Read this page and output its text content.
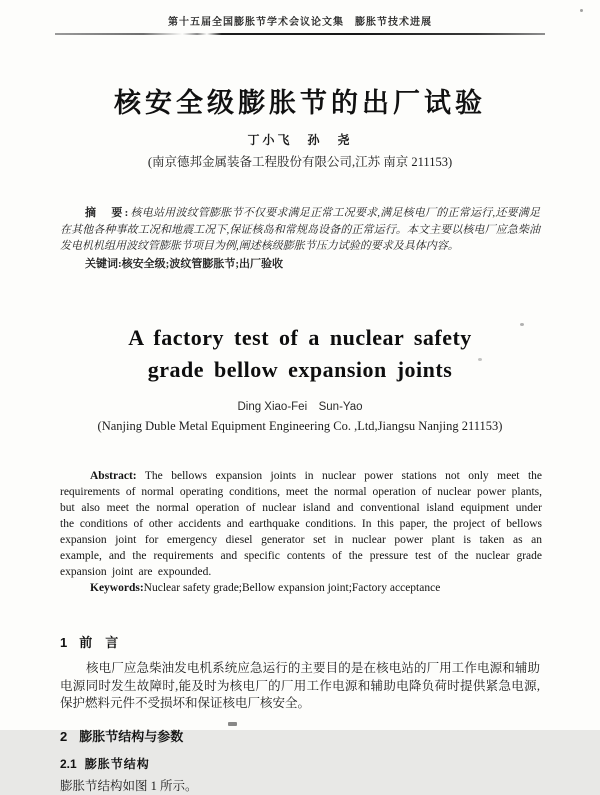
第十五届全国膨胀节学术会议论文集　膨胀节技术进展
核安全级膨胀节的出厂试验
丁小飞　孙　尧
(南京德邦金属装备工程股份有限公司,江苏 南京 211153)
摘　要:核电站用波纹管膨胀节不仅要求满足正常工况要求,满足核电厂的正常运行,还要满足在其他各种事故工况和地震工况下,保证核岛和常规岛设备的正常运行。本文主要以核电厂应急柴油发电机机组用波纹管膨胀节项目为例,阐述核级膨胀节压力试验的要求及具体内容。
关键词:核安全级;波纹管膨胀节;出厂验收
A factory test of a nuclear safety
grade bellow expansion joints
Ding Xiao-Fei　Sun-Yao
(Nanjing Duble Metal Equipment Engineering Co. ,Ltd,Jiangsu Nanjing 211153)
Abstract: The bellows expansion joints in nuclear power stations not only meet the requirements of normal operating conditions, meet the normal operation of nuclear power plants, but also meet the normal operation of nuclear island and conventional island equipment under the conditions of other accidents and earthquake conditions. In this paper, the project of bellows expansion joint for emergency diesel generator set in nuclear power plant is taken as an example, and the requirements and specific contents of the pressure test of the nuclear grade expansion joint are expounded.
Keywords:Nuclear safety grade;Bellow expansion joint;Factory acceptance
1 前　言
核电厂应急柴油发电机系统应急运行的主要目的是在核电站的厂用工作电源和辅助电源同时发生故障时,能及时为核电厂的厂用工作电源和辅助电降负荷时提供紧急电源,保护燃料元件不受损坏和保证核电厂核安全。
2 膨胀节结构与参数
2.1 膨胀节结构
膨胀节结构如图 1 所示。
